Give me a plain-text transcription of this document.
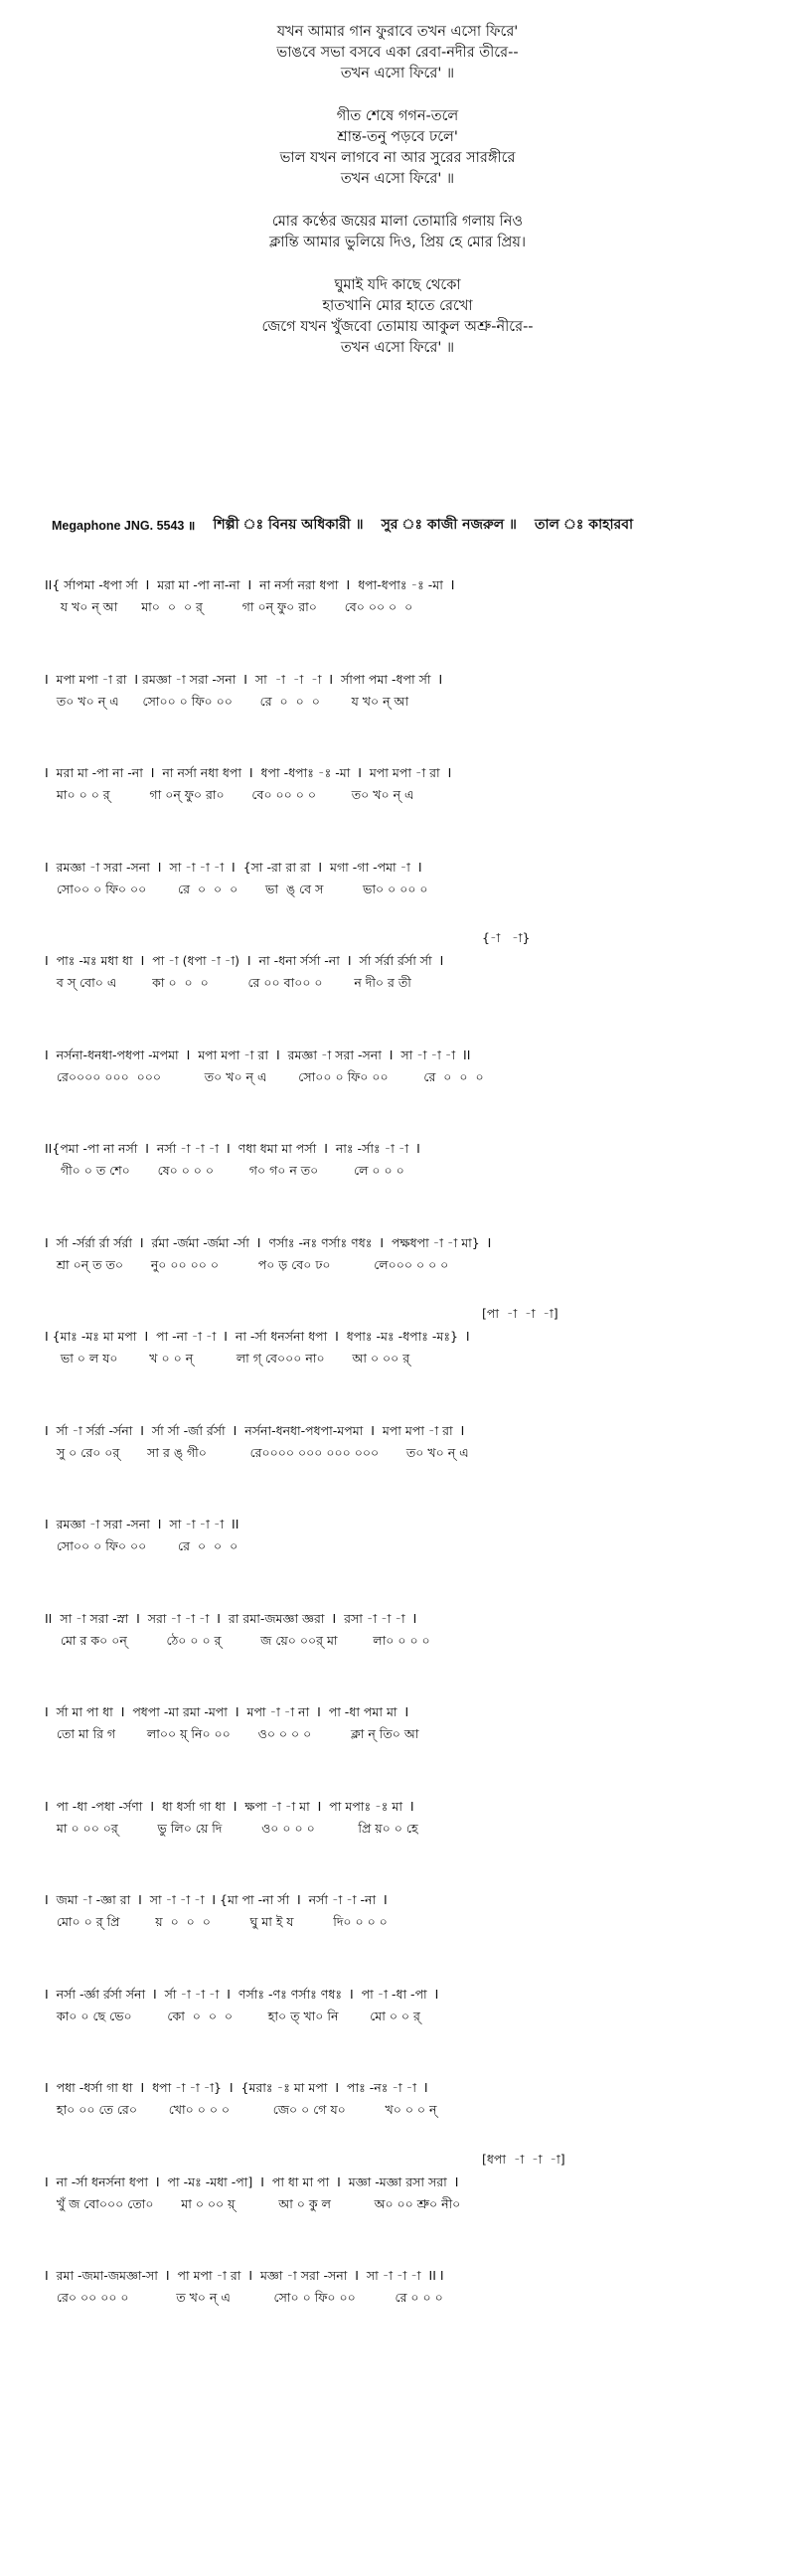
যখন আমার গান ফুরাবে তখন এসো ফিরে'
ভাঙবে সভা বসবে একা রেবা-নদীর তীরে--
তখন এসো ফিরে' ॥
গীত শেষে গগন-তলে
শ্রান্ত-তনু পড়বে ঢলে'
ভাল যখন লাগবে না আর সুরের সারঙ্গীরে
তখন এসো ফিরে' ॥
মোর কণ্ঠের জয়ের মালা তোমারি গলায় নিও
ক্লান্তি আমার ভুলিয়ে দিও, প্রিয় হে মোর প্রিয়।
ঘুমাই যদি কাছে থেকো
হাতখানি মোর হাতে রেখো
জেগে যখন খুঁজবো তোমায় আকুল অশ্রু-নীরে--
তখন এসো ফিরে' ॥
Megaphone JNG. 5543 ॥ শিল্পী ঃ বিনয় অধিকারী ॥ সুর ঃ কাজী নজরুল ॥ তাল ঃ কাহারবা
II{ র্সাপমা -ধপা র্সা  I  মরা মা -পা না-না  I  না নর্সা নরা ধপা  I  ধপা-ধপাঃ -ঃ -মা  I
য খ০ ন্ আ      মা০  ০  ০ র্          গা ০ন্ ফু০ রা০       বে০ ০০ ০  ০
I  মপা মপা -া রা  I রমজ্ঞা -া সরা -সনা  I  সা  -া  -া  -া  I  র্সাপা পমা -ধপা র্সা  I
ত০ খ০ ন্ এ      সো০০ ০ ফি০ ০০       রে  ০  ০  ০        য খ০ ন্ আ
I  মরা মা -পা না -না  I  না নর্সা নধা ধপা  I  ধপা -ধপাঃ -ঃ -মা  I  মপা মপা -া রা  I
মা০ ০ ০ র্          গা ০ন্ ফু০ রা০       বে০ ০০ ০ ০         ত০ খ০ ন্ এ
I  রমজ্ঞা -া সরা -সনা  I  সা -া -া -া  I  {সা -রা রা রা  I  মগা -গা -পমা -া  I
সো০০ ০ ফি০ ০০        রে  ০  ০  ০       ভা  ঙ্ বে স          ভা০ ০ ০০ ০
{-া   -া}
I  পাঃ -মঃ মধা ধা  I  পা -া (ধপা -া -া)  I  না -ধনা র্সর্সা -না  I  র্সা র্সর্রা র্রর্সা র্সা  I
ব স্ বো০ এ         কা ০  ০  ০          রে ০০ বা০০ ০        ন দী০ র তী
I  নর্সনা-ধনধা-পধপা -মপমা  I  মপা মপা -া রা  I  রমজ্ঞা -া সরা -সনা  I  সা -া -া -া  II
রে০০০০ ০০০  ০০০           ত০ খ০ ন্ এ        সো০০ ০ ফি০ ০০         রে  ০  ০  ০
II{পমা -পা না নর্সা  I  নর্সা -া -া -া  I  ণধা ধমা মা পর্সা  I  নাঃ -র্সাঃ -া -া  I
গী০ ০ ত শে০       ষে০ ০ ০ ০         গ০ গ০ ন ত০         লে ০ ০ ০
I  র্সা -র্সর্রা র্রা র্সর্রা  I  র্রমা -র্জমা -র্জমা -র্সা  I  ণর্সাঃ -নঃ ণর্সাঃ ণধঃ  I  পক্ষধপা -া -া মা}  I
শ্রা ০ন্ ত ত০       নু০ ০০ ০০ ০          প০ ড় বে০ ঢ০           লে০০০ ০ ০ ০
[পা  -া  -া  -া]
I {মাঃ -মঃ মা মপা  I  পা -না -া -া  I  না -র্সা ধনর্সনা ধপা  I  ধপাঃ -মঃ -ধপাঃ -মঃ}  I
ভা ০ ল য০        খ ০ ০ ন্           লা গ্ বে০০০ না০       আ ০ ০০ র্
I  র্সা -া র্সর্রা -র্সনা  I  র্সা র্সা -র্জা র্রর্সা  I  নর্সনা-ধনধা-পধপা-মপমা  I  মপা মপা -া রা  I
সু ০ রে০ ০র্       সা র ঙ্ গী০           রে০০০০ ০০০ ০০০ ০০০       ত০ খ০ ন্ এ
I  রমজ্ঞা -া সরা -সনা  I  সা -া -া -া  II
সো০০ ০ ফি০ ০০        রে  ০  ০  ০
II  সা -া সরা -স্না  I  সরা -া -া -া  I  রা রমা-জমজ্ঞা জ্ঞরা  I  রসা -া -া -া  I
মো র ক০ ০ন্          ঠে০ ০ ০ র্          জ য়ে০ ০০র্ মা         লা০ ০ ০ ০
I  র্সা মা পা ধা  I  পধপা -মা রমা -মপা  I  মপা -া -া না  I  পা -ধা পমা মা  I
তো মা রি গ        লা০০ য়্ নি০ ০০       ও০ ০ ০ ০          ক্লা ন্ তি০ আ
I  পা -ধা -পধা -র্সণা  I  ধা ধর্সা গা ধা  I  ক্ষপা -া -া মা  I  পা মপাঃ -ঃ মা  I
মা ০ ০০ ০র্          ভু লি০ য়ে দি          ও০ ০ ০ ০           প্রি য়০ ০ হে
I  জমা -া -জ্ঞা রা  I  সা -া -া -া  I {মা পা -না র্সা  I  নর্সা -া -া -না  I
মো০ ০ র্ প্রি         য়  ০  ০  ০          ঘু মা ই য          দি০ ০ ০ ০
I  নর্সা -র্জ্ঞা র্রর্সা র্সনা  I  র্সা -া -া -া  I  ণর্সাঃ -ণঃ ণর্সাঃ ণধঃ  I  পা -া -ধা -পা  I
কা০ ০ ছে ভে০         কো  ০  ০  ০         হা০ ত্ খা০ নি        মো ০ ০ র্
I  পধা -ধর্সা গা ধা  I  ধপা -া -া -া}  I  {মরাঃ -ঃ মা মপা  I  পাঃ -নঃ -া -া  I
হা০ ০০ তে রে০        খো০ ০ ০ ০           জে০ ০ গে য০          খ০ ০ ০ ন্
[ধপা  -া  -া  -া]
I  না -র্সা ধনর্সনা ধপা  I  পা -মঃ -মধা -পা]  I  পা ধা মা পা  I  মজ্ঞা -মজ্ঞা রসা সরা  I
খুঁ জ বো০০০ তো০       মা ০ ০০ য়্           আ ০ কু ল           অ০ ০০ শ্রু০ নী০
I  রমা -জমা-জমজ্ঞা-সা  I  পা মপা -া রা  I  মজ্ঞা -া সরা -সনা  I  সা -া -া -া  II I
রে০ ০০ ০০ ০            ত খ০ ন্ এ           সো০ ০ ফি০ ০০          রে ০ ০ ০
